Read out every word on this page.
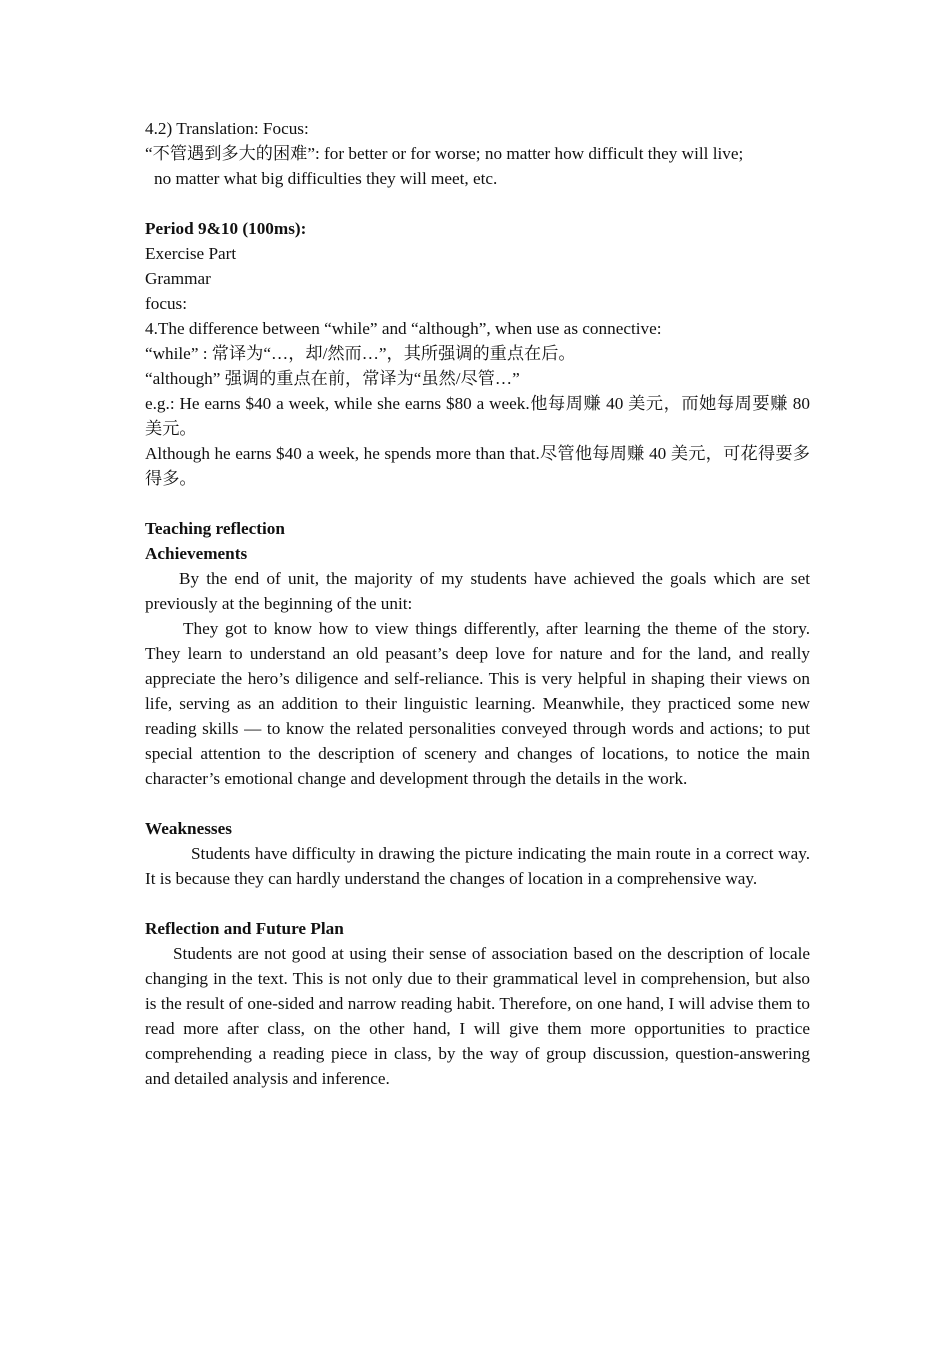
4.2) Translation: Focus:

“不管遇到多大的困难”: for better or for worse; no matter how difficult they will live;

no matter what big difficulties they will meet, etc.

Period 9&10 (100ms):

Exercise Part

Grammar

focus:

4.The difference between “while” and “although”, when use as connective:

“while” : 常译为“…，却/然而…”，其所强调的重点在后。

“although” 强调的重点在前，常译为“虽然/尽管…”

e.g.: He earns $40 a week, while she earns $80 a week.他每周赚 40 美元，而她每周要赚 80 美元。

Although he earns $40 a week, he spends more than that.尽管他每周赚 40 美元，可花得要多得多。

Teaching reflection

Achievements

By the end of unit, the majority of my students have achieved the goals which are set previously at the beginning of the unit:

They got to know how to view things differently, after learning the theme of the story. They learn to understand an old peasant’s deep love for nature and for the land, and really appreciate the hero’s diligence and self-reliance. This is very helpful in shaping their views on life, serving as an addition to their linguistic learning. Meanwhile, they practiced some new reading skills — to know the related personalities conveyed through words and actions; to put special attention to the description of scenery and changes of locations, to notice the main character’s emotional change and development through the details in the work.

Weaknesses

Students have difficulty in drawing the picture indicating the main route in a correct way. It is because they can hardly understand the changes of location in a comprehensive way.

Reflection and Future Plan

Students are not good at using their sense of association based on the description of locale changing in the text. This is not only due to their grammatical level in comprehension, but also is the result of one-sided and narrow reading habit. Therefore, on one hand, I will advise them to read more after class, on the other hand, I will give them more opportunities to practice comprehending a reading piece in class, by the way of group discussion, question-answering and detailed analysis and inference.
